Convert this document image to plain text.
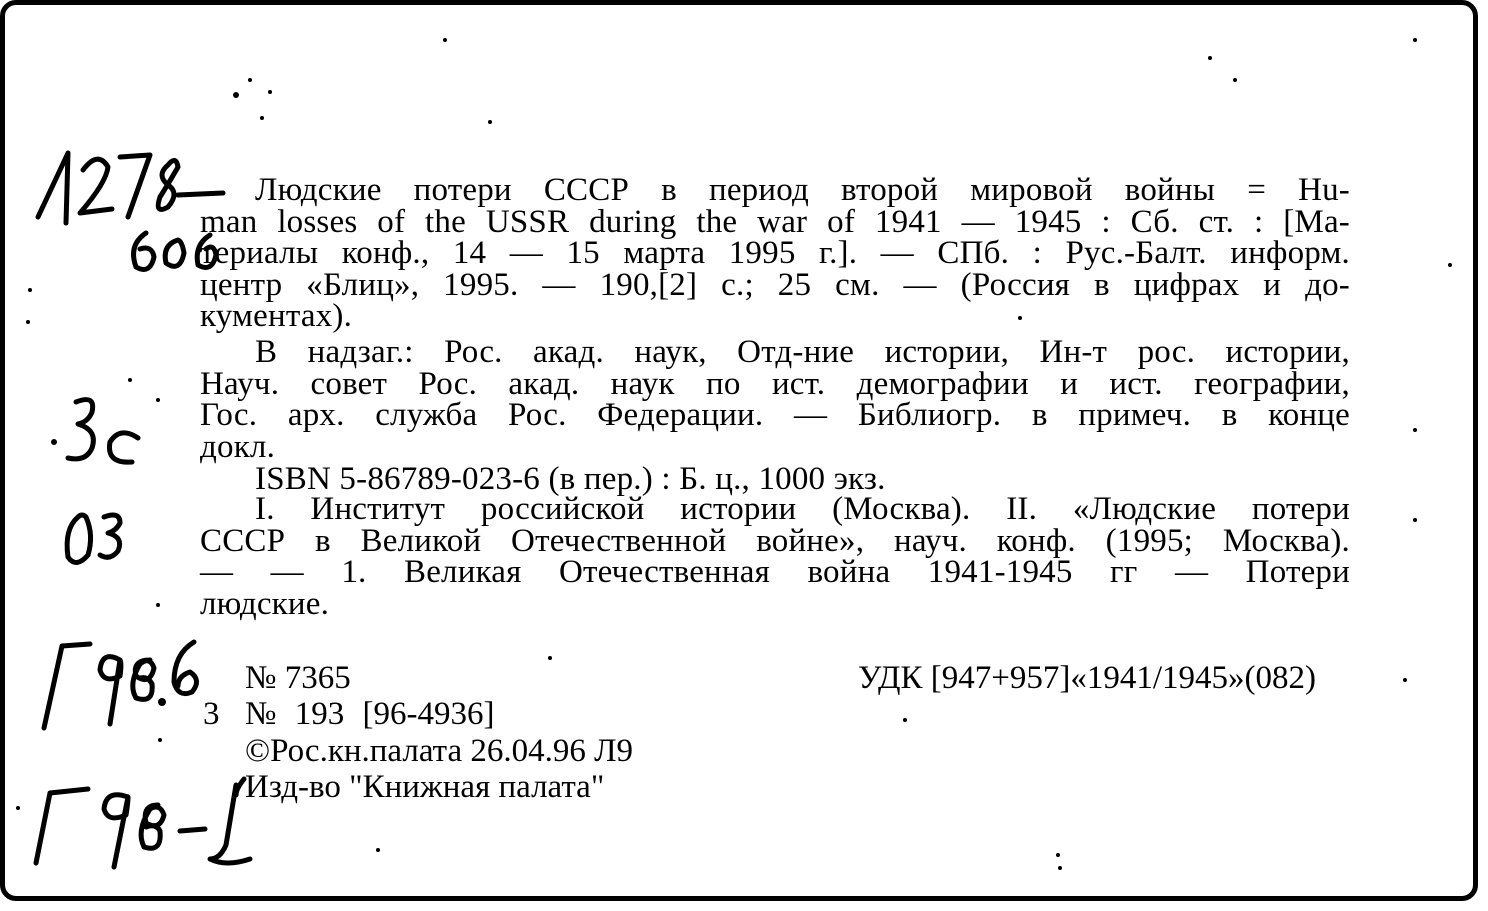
Людские потери СССР в период второй мировой войны = Hu-
man losses of the USSR during the war of 1941 — 1945 : Сб. ст. : [Ма-
териалы конф., 14 — 15 марта 1995 г.]. — СПб. : Рус.-Балт. информ.
центр «Блиц», 1995. — 190,[2] с.; 25 см. — (Россия в цифрах и до-
кументах).
В надзаг.: Рос. акад. наук, Отд-ние истории, Ин-т рос. истории,
Науч. совет Рос. акад. наук по ист. демографии и ист. географии,
Гос. арх. служба Рос. Федерации. — Библиогр. в примеч. в конце
докл.
ISBN 5-86789-023-6 (в пер.) : Б. ц., 1000 экз.
I. Институт российской истории (Москва). II. «Людские потери
СССР в Великой Отечественной войне», науч. конф. (1995; Москва).
— — 1. Великая Отечественная война 1941-1945 гг — Потери
людские.
№ 7365
3 № 193 [96-4936]
©Рос.кн.палата 26.04.96 Л9
Изд-во "Книжная палата"
УДК [947+957]«1941/1945»(082)
